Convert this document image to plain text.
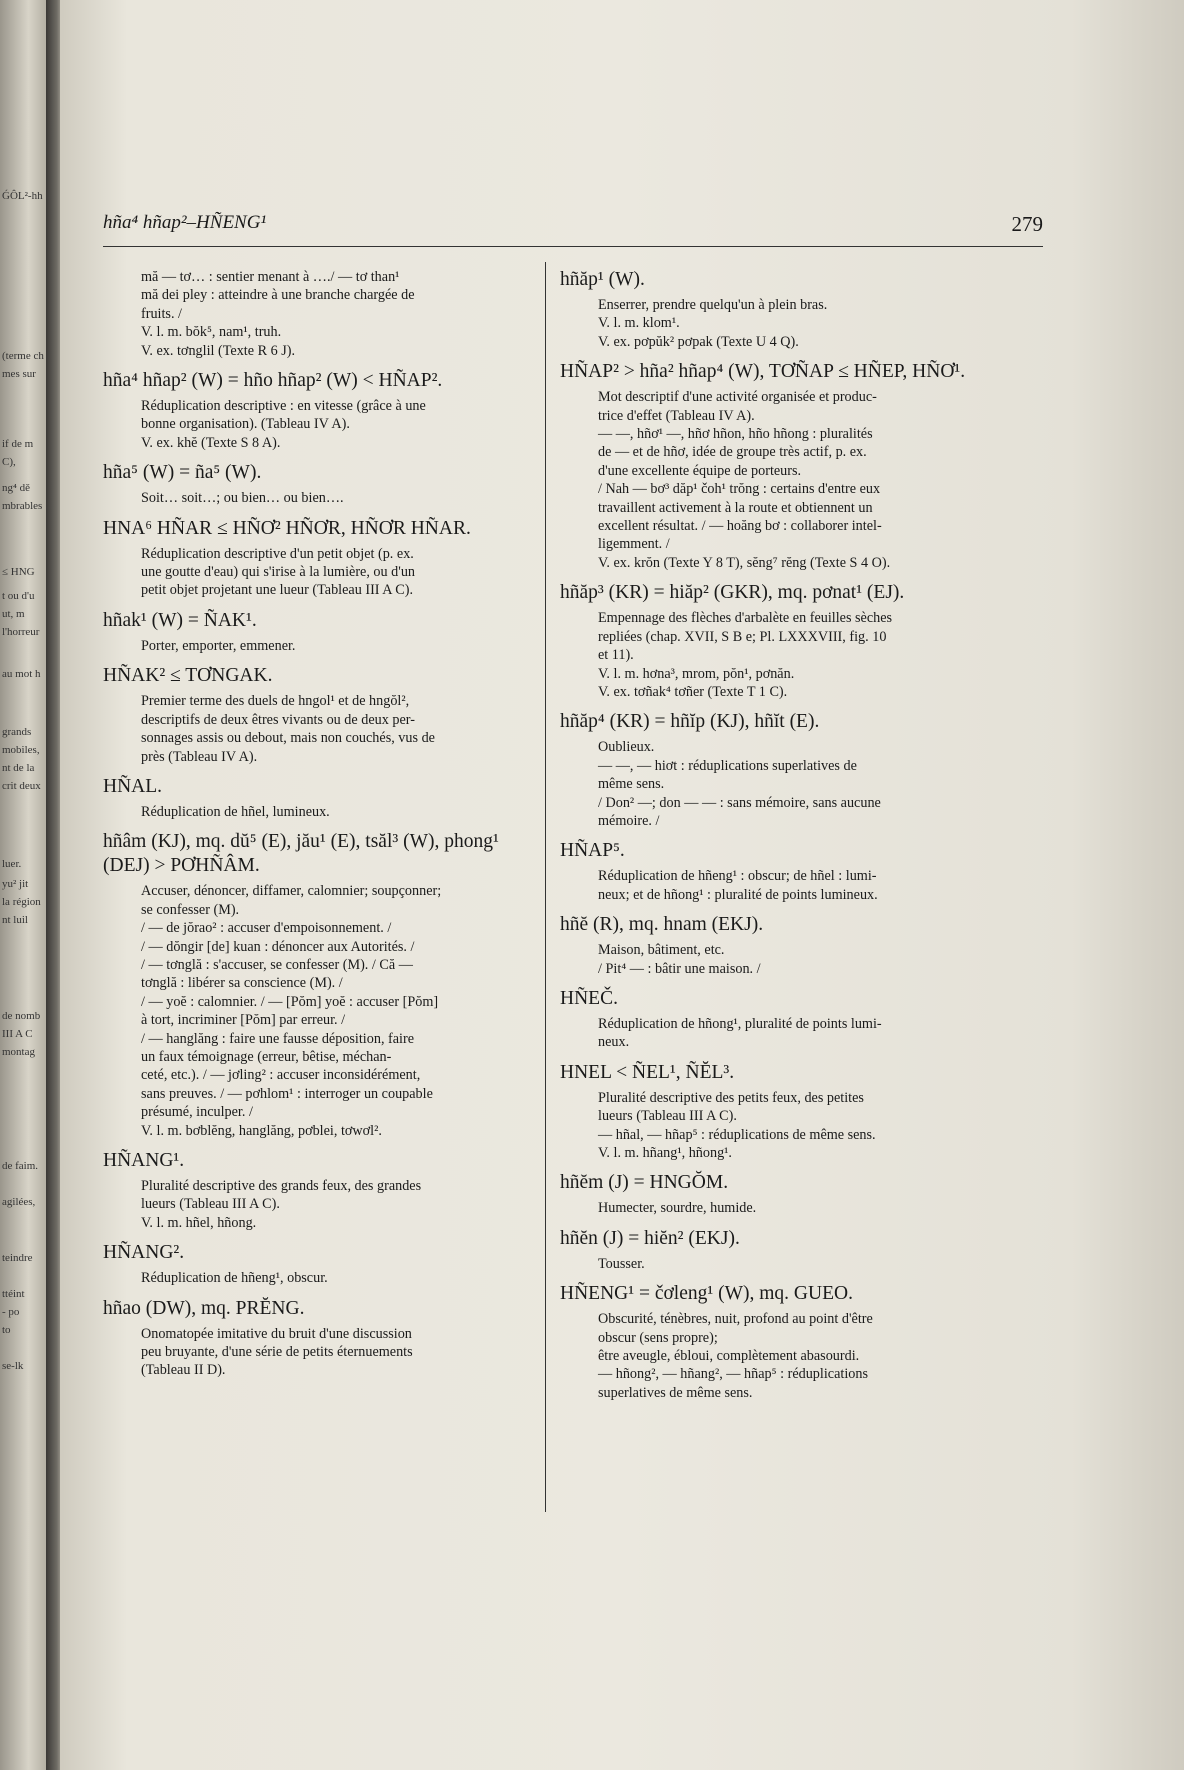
ǴÔL²-hh
(terme ch
mes sur
if de m
C),
ng⁴ dě
mbrables
≤ HNG
t ou d'u
ut, m
l'horreur
au mot h
grands
mobiles,
nt de la
crit deux
luer.
yu² jit
la région
nt luil
de nomb
III A C
montag
de faim.
agilées,
teindre
ttéint
- po
to
se-lk
hña⁴ hñap²–HÑENG¹	279

mă — tơ… : sentier menant à …./ — tơ than¹

mă dei pley : atteindre à une branche chargée de

fruits. /

V. l. m. bŏk⁵, nam¹, truh.

V. ex. tơnglil (Texte R 6 J).

hña⁴ hñap² (W) = hño hñap² (W) < HÑAP².

Réduplication descriptive : en vitesse (grâce à une

bonne organisation). (Tableau IV A).

V. ex. khĕ (Texte S 8 A).

hña⁵ (W) = ña⁵ (W).

Soit… soit…; ou bien… ou bien….

HNA⁶ HÑAR ≤ HÑƠ² HÑƠR, HÑƠR HÑAR.

Réduplication descriptive d'un petit objet (p. ex.

une goutte d'eau) qui s'irise à la lumière, ou d'un

petit objet projetant une lueur (Tableau III A C).

hñak¹ (W) = ÑAK¹.

Porter, emporter, emmener.

HÑAK² ≤ TƠNGAK.

Premier terme des duels de hngol¹ et de hngŏl²,

descriptifs de deux êtres vivants ou de deux per-

sonnages assis ou debout, mais non couchés, vus de

près (Tableau IV A).

HÑAL.

Réduplication de hñel, lumineux.

hñâm (KJ), mq. dŭ⁵ (E), jău¹ (E), tsăl³ (W), phong¹ (DEJ) > PƠHÑÂM.

Accuser, dénoncer, diffamer, calomnier; soupçonner;

se confesser (M).

/ — de jŏrao² : accuser d'empoisonnement. /

/ — dŏngir [de] kuan : dénoncer aux Autorités. /

/ — tơnglă : s'accuser, se confesser (M). / Că —

tơnglă : libérer sa conscience (M). /

/ — yoĕ : calomnier. / — [Pŏm] yoĕ : accuser [Pŏm]

à tort, incriminer [Pŏm] par erreur. /

/ — hanglăng : faire une fausse déposition, faire

un faux témoignage (erreur, bêtise, méchan-

ceté, etc.). / — jơling² : accuser inconsidérément,

sans preuves. / — pơhlom¹ : interroger un coupable

présumé, inculper. /

V. l. m. bơblĕng, hanglăng, pơblei, tơwơl².

HÑANG¹.

Pluralité descriptive des grands feux, des grandes

lueurs (Tableau III A C).

V. l. m. hñel, hñong.

HÑANG².

Réduplication de hñeng¹, obscur.

hñao (DW), mq. PRĔNG.

Onomatopée imitative du bruit d'une discussion

peu bruyante, d'une série de petits éternuements

(Tableau II D).

hñăp¹ (W).

Enserrer, prendre quelqu'un à plein bras.

V. l. m. klom¹.

V. ex. pơpŭk² pơpak (Texte U 4 Q).

HÑAP² > hña² hñap⁴ (W), TƠÑAP ≤ HÑEP, HÑƠ¹.

Mot descriptif d'une activité organisée et produc-

trice d'effet (Tableau IV A).

— —, hñơ¹ —, hñơ hñon, hño hñong : pluralités

de — et de hñơ, idée de groupe très actif, p. ex.

d'une excellente équipe de porteurs.

/ Nah — bơ³ dăp¹ čoh¹ trŏng : certains d'entre eux

travaillent activement à la route et obtiennent un

excellent résultat. / — hoăng bơ : collaborer intel-

ligemment. /

V. ex. krŏn (Texte Y 8 T), sĕng⁷ rĕng (Texte S 4 O).

hñăp³ (KR) = hiăp² (GKR), mq. pơnat¹ (EJ).

Empennage des flèches d'arbalète en feuilles sèches

repliées (chap. XVII, S B e; Pl. LXXXVIII, fig. 10

et 11).

V. l. m. hơna³, mrom, pŏn¹, pơnăn.

V. ex. tơñak⁴ tơñer (Texte T 1 C).

hñăp⁴ (KR) = hñĭp (KJ), hñĭt (E).

Oublieux.

— —, — hiơt : réduplications superlatives de

même sens.

/ Don² —; don — — : sans mémoire, sans aucune

mémoire. /

HÑAP⁵.

Réduplication de hñeng¹ : obscur; de hñel : lumi-

neux; et de hñong¹ : pluralité de points lumineux.

hñĕ (R), mq. hnam (EKJ).

Maison, bâtiment, etc.

/ Pit⁴ — : bâtir une maison. /

HÑEČ.

Réduplication de hñong¹, pluralité de points lumi-

neux.

HNEL < ÑEL¹, ÑĔL³.

Pluralité descriptive des petits feux, des petites

lueurs (Tableau III A C).

— hñal, — hñap⁵ : réduplications de même sens.

V. l. m. hñang¹, hñong¹.

hñĕm (J) = HNGŎM.

Humecter, sourdre, humide.

hñĕn (J) = hiĕn² (EKJ).

Tousser.

HÑENG¹ = čơleng¹ (W), mq. GUEO.

Obscurité, ténèbres, nuit, profond au point d'être

obscur (sens propre);

être aveugle, ébloui, complètement abasourdi.

— hñong², — hñang², — hñap⁵ : réduplications

superlatives de même sens.
